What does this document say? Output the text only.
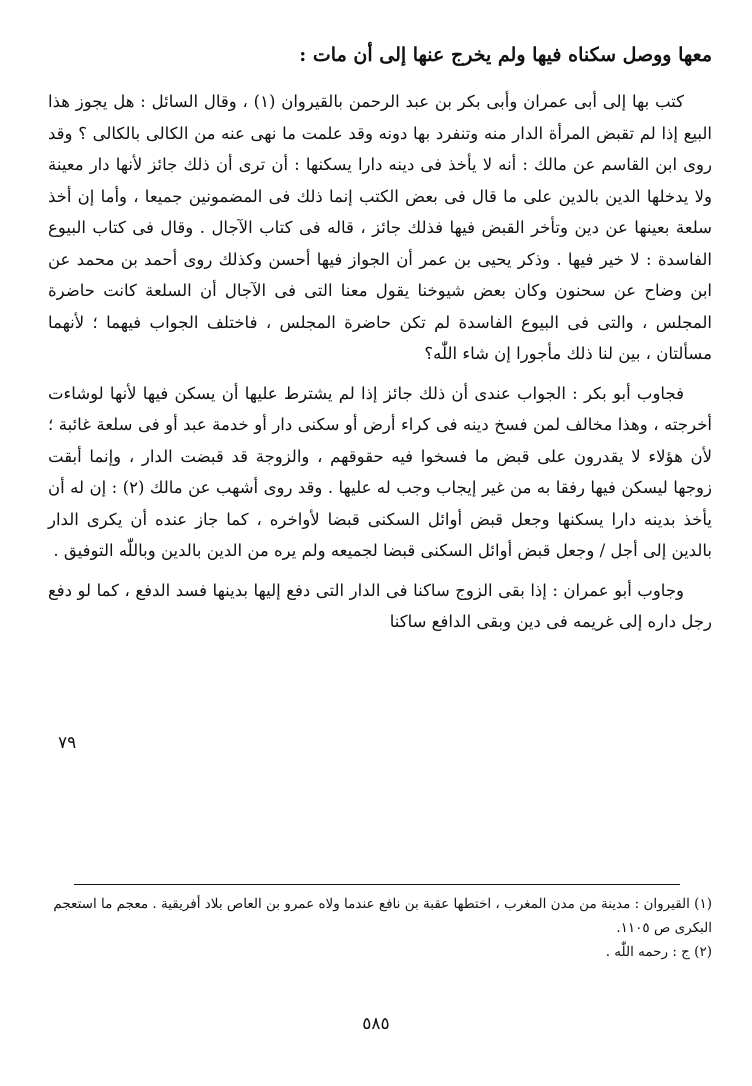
معها ووصل سكناه فيها ولم يخرج عنها إلى أن مات :

كتب بها إلى أبى عمران وأبى بكر بن عبد الرحمن بالقيروان (١) ، وقال السائل : هل يجوز هذا البيع إذا لم تقبض المرأة الدار منه وتنفرد بها دونه وقد علمت ما نهى عنه من الكالى بالكالى ؟ وقد روى ابن القاسم عن مالك : أنه لا يأخذ فى دينه دارا يسكنها : أن ترى أن ذلك جائز لأنها دار معينة ولا يدخلها الدين بالدين على ما قال فى بعض الكتب إنما ذلك فى المضمونين جميعا ، وأما إن أخذ سلعة بعينها عن دين وتأخر القبض فيها فذلك جائز ، قاله فى كتاب الآجال . وقال فى كتاب البيوع الفاسدة : لا خير فيها . وذكر يحيى بن عمر أن الجواز فيها أحسن وكذلك روى أحمد بن محمد عن ابن وضاح عن سحنون وكان بعض شيوخنا يقول معنا التى فى الآجال أن السلعة كانت حاضرة المجلس ، والتى فى البيوع الفاسدة لم تكن حاضرة المجلس ، فاختلف الجواب فيهما ؛ لأنهما مسألتان ، بين لنا ذلك مأجورا إن شاء اللّٰه؟

فجاوب أبو بكر : الجواب عندى أن ذلك جائز إذا لم يشترط عليها أن يسكن فيها لأنها لوشاءت أخرجته ، وهذا مخالف لمن فسخ دينه فى كراء أرض أو سكنى دار أو خدمة عبد أو فى سلعة غائبة ؛ لأن هؤلاء لا يقدرون على قبض ما فسخوا فيه حقوقهم ، والزوجة قد قبضت الدار ، وإنما أبقت زوجها ليسكن فيها رفقا به من غير إيجاب وجب له عليها . وقد روى أشهب عن مالك (٢) : إن له أن يأخذ بدينه دارا يسكنها وجعل قبض أوائل السكنى قبضا لأواخره ، كما جاز عنده أن يكرى الدار بالدين إلى أجل / وجعل قبض أوائل السكنى قبضا لجميعه ولم يره من الدين بالدين وباللّٰه التوفيق .

وجاوب أبو عمران : إذا بقى الزوج ساكنا فى الدار التى دفع إليها بدينها فسد الدفع ، كما لو دفع رجل داره إلى غريمه فى دين وبقى الدافع ساكنا

٧٩

(١) القيروان : مدينة من مدن المغرب ، اختطها عقبة بن نافع عندما ولاه عمرو بن العاص بلاد أفريقية . معجم ما استعجم البكرى ص ١١٠٥.

(٢) ج : رحمه اللّٰه .

٥٨٥
